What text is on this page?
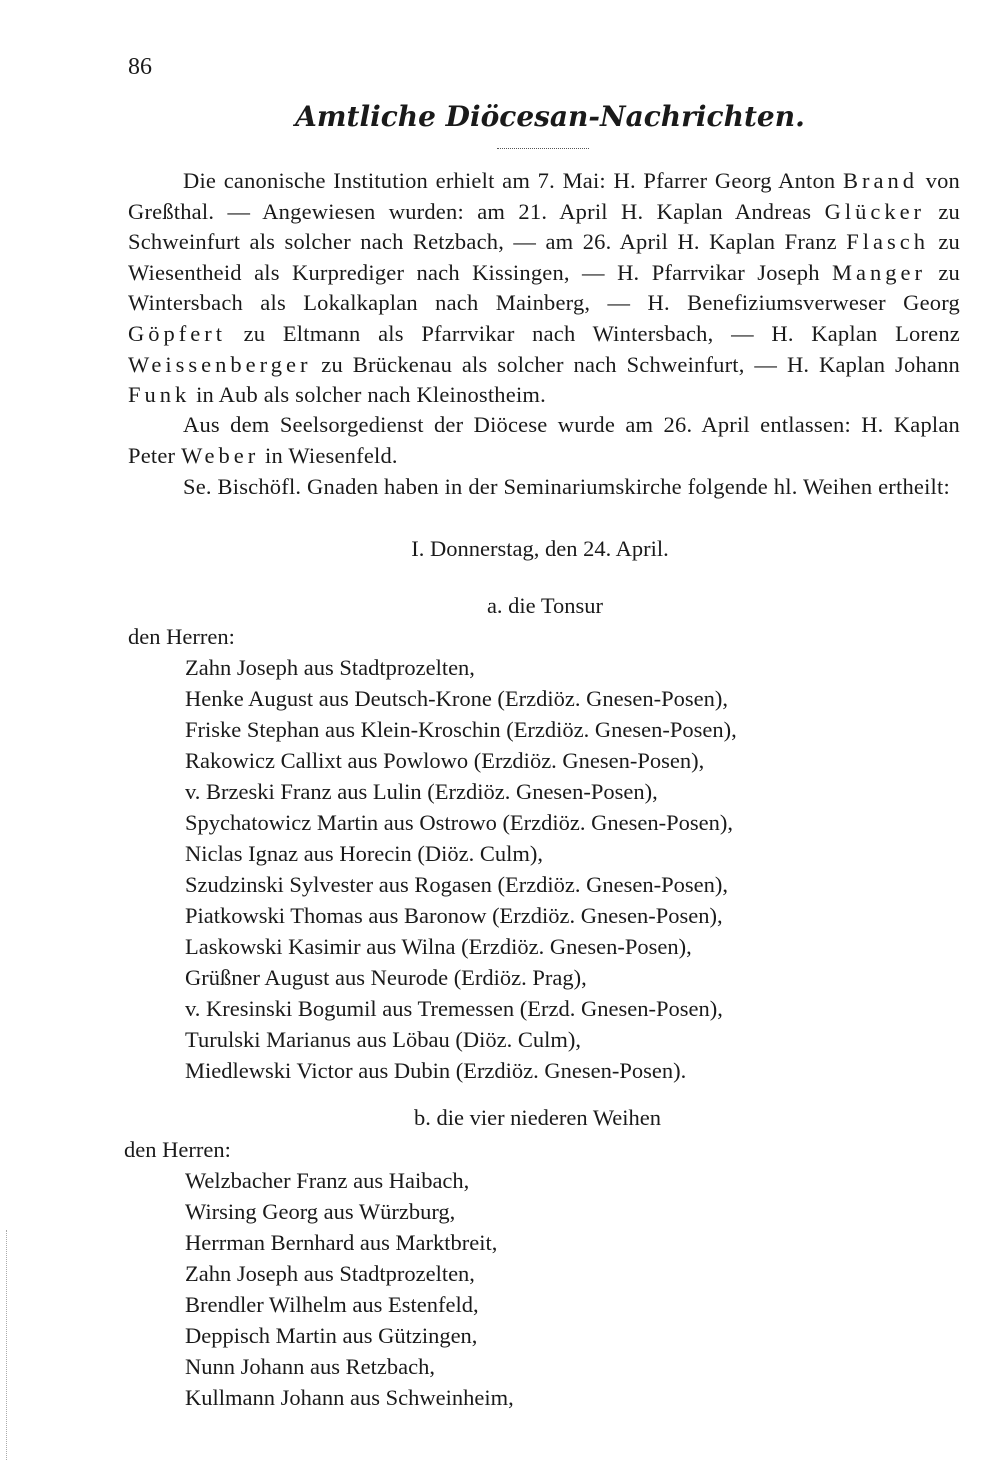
86
Amtliche Diöcesan-Nachrichten.
Die canonische Institution erhielt am 7. Mai: H. Pfarrer Georg Anton Brand von Greßthal. — Angewiesen wurden: am 21. April H. Kaplan Andreas Glücker zu Schweinfurt als solcher nach Retzbach, — am 26. April H. Kaplan Franz Flasch zu Wiesentheid als Kurprediger nach Kissingen, — H. Pfarrvikar Joseph Manger zu Wintersbach als Lokalkaplan nach Mainberg, — H. Benefiziumsverweser Georg Göpfert zu Eltmann als Pfarrvikar nach Wintersbach, — H. Kaplan Lorenz Weissenberger zu Brückenau als solcher nach Schweinfurt, — H. Kaplan Johann Funk in Aub als solcher nach Kleinostheim.
Aus dem Seelsorgedienst der Diöcese wurde am 26. April entlassen: H. Kaplan Peter Weber in Wiesenfeld.
Se. Bischöfl. Gnaden haben in der Seminariumskirche folgende hl. Weihen ertheilt:
I. Donnerstag, den 24. April.
a. die Tonsur
den Herren:
Zahn Joseph aus Stadtprozelten,
Henke August aus Deutsch-Krone (Erzdiöz. Gnesen-Posen),
Friske Stephan aus Klein-Kroschin (Erzdiöz. Gnesen-Posen),
Rakowicz Callixt aus Powlowo (Erzdiöz. Gnesen-Posen),
v. Brzeski Franz aus Lulin (Erzdiöz. Gnesen-Posen),
Spychatowicz Martin aus Ostrowo (Erzdiöz. Gnesen-Posen),
Niclas Ignaz aus Horecin (Diöz. Culm),
Szudzinski Sylvester aus Rogasen (Erzdiöz. Gnesen-Posen),
Piatkowski Thomas aus Baronow (Erzdiöz. Gnesen-Posen),
Laskowski Kasimir aus Wilna (Erzdiöz. Gnesen-Posen),
Grüßner August aus Neurode (Erdiöz. Prag),
v. Kresinski Bogumil aus Tremessen (Erzd. Gnesen-Posen),
Turulski Marianus aus Löbau (Diöz. Culm),
Miedlewski Victor aus Dubin (Erzdiöz. Gnesen-Posen).
b. die vier niederen Weihen
den Herren:
Welzbacher Franz aus Haibach,
Wirsing Georg aus Würzburg,
Herrman Bernhard aus Marktbreit,
Zahn Joseph aus Stadtprozelten,
Brendler Wilhelm aus Estenfeld,
Deppisch Martin aus Gützingen,
Nunn Johann aus Retzbach,
Kullmann Johann aus Schweinheim,
